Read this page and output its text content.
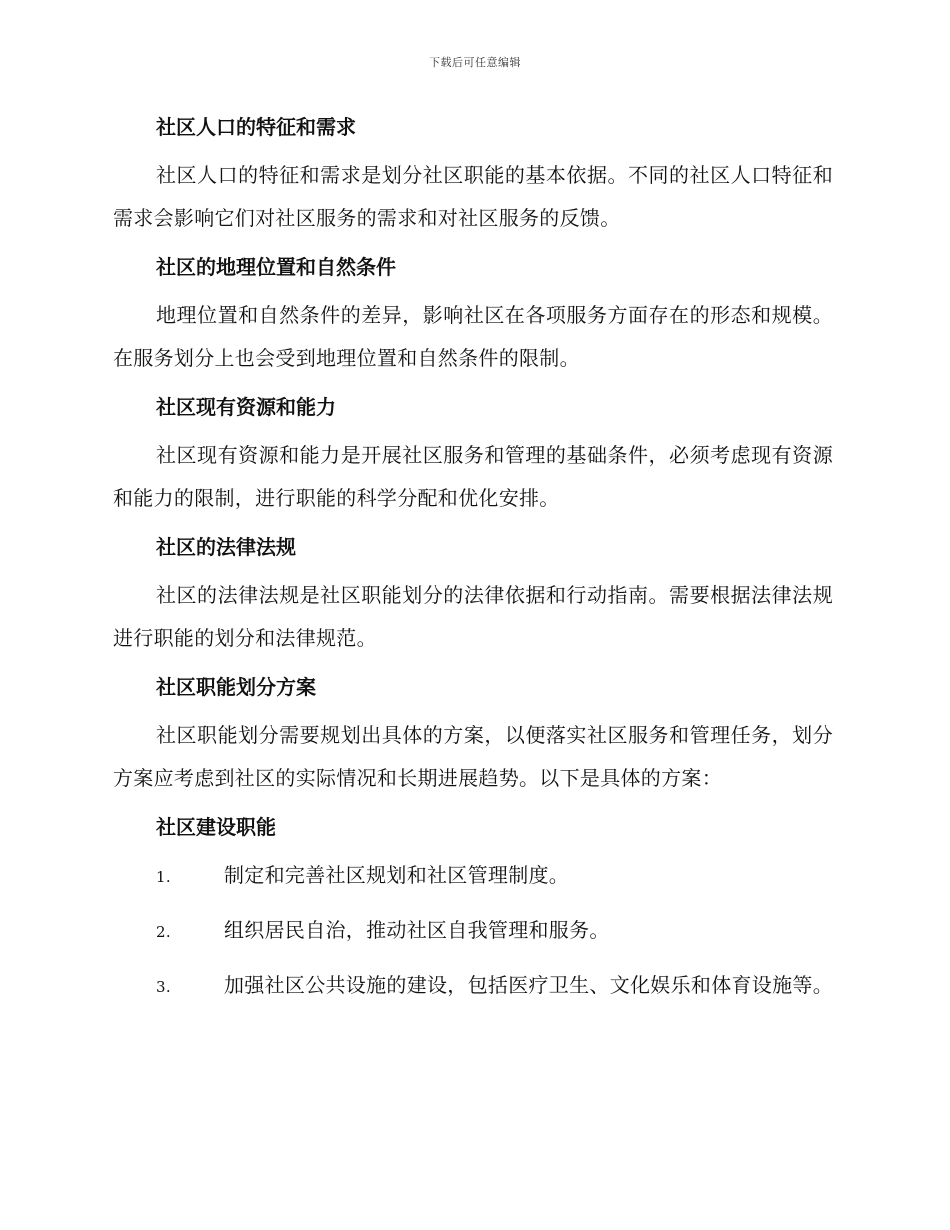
下载后可任意编辑
社区人口的特征和需求
社区人口的特征和需求是划分社区职能的基本依据。不同的社区人口特征和需求会影响它们对社区服务的需求和对社区服务的反馈。
社区的地理位置和自然条件
地理位置和自然条件的差异，影响社区在各项服务方面存在的形态和规模。在服务划分上也会受到地理位置和自然条件的限制。
社区现有资源和能力
社区现有资源和能力是开展社区服务和管理的基础条件，必须考虑现有资源和能力的限制，进行职能的科学分配和优化安排。
社区的法律法规
社区的法律法规是社区职能划分的法律依据和行动指南。需要根据法律法规进行职能的划分和法律规范。
社区职能划分方案
社区职能划分需要规划出具体的方案，以便落实社区服务和管理任务，划分方案应考虑到社区的实际情况和长期进展趋势。以下是具体的方案：
社区建设职能
1.	制定和完善社区规划和社区管理制度。
2.	组织居民自治，推动社区自我管理和服务。
3.	加强社区公共设施的建设，包括医疗卫生、文化娱乐和体育设施等。
